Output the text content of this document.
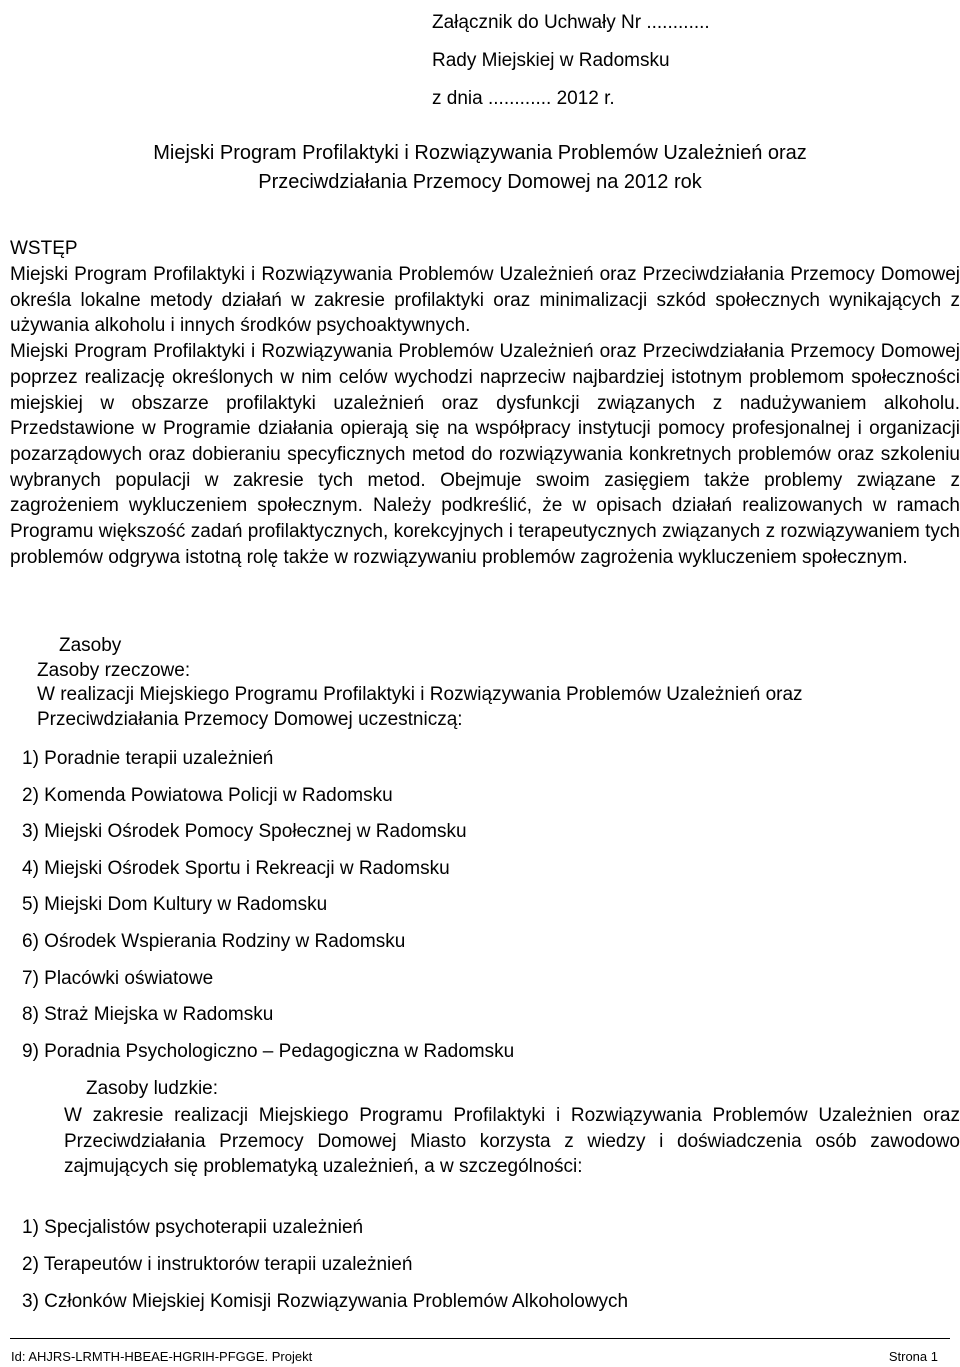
Załącznik do Uchwały Nr ............
Rady Miejskiej w Radomsku
z dnia ............ 2012 r.
Miejski Program Profilaktyki i Rozwiązywania Problemów Uzależnień oraz
Przeciwdziałania Przemocy Domowej na 2012 rok
WSTĘP

Miejski Program Profilaktyki i Rozwiązywania Problemów Uzależnień oraz Przeciwdziałania Przemocy Domowej określa lokalne metody działań w zakresie profilaktyki oraz minimalizacji szkód społecznych wynikających z używania alkoholu i innych środków psychoaktywnych.

Miejski Program Profilaktyki i Rozwiązywania Problemów Uzależnień oraz Przeciwdziałania Przemocy Domowej poprzez realizację określonych w nim celów wychodzi naprzeciw najbardziej istotnym problemom społeczności miejskiej w obszarze profilaktyki uzależnień oraz dysfunkcji związanych z nadużywaniem alkoholu. Przedstawione w Programie działania opierają się na współpracy instytucji pomocy profesjonalnej i organizacji pozarządowych oraz dobieraniu specyficznych metod do rozwiązywania konkretnych problemów oraz szkoleniu wybranych populacji w zakresie tych metod. Obejmuje swoim zasięgiem także problemy związane z zagrożeniem wykluczeniem społecznym. Należy podkreślić, że w opisach działań realizowanych w ramach Programu większość zadań profilaktycznych, korekcyjnych i terapeutycznych związanych z rozwiązywaniem tych problemów odgrywa istotną rolę także w rozwiązywaniu problemów zagrożenia wykluczeniem społecznym.

Zasoby
Zasoby rzeczowe:
W realizacji Miejskiego Programu Profilaktyki i Rozwiązywania Problemów Uzależnień oraz
Przeciwdziałania Przemocy Domowej uczestniczą:
1) Poradnie terapii uzależnień
2) Komenda Powiatowa Policji w Radomsku
3) Miejski Ośrodek Pomocy Społecznej w Radomsku
4) Miejski Ośrodek Sportu i Rekreacji w Radomsku
5) Miejski Dom Kultury w Radomsku
6) Ośrodek Wspierania Rodziny w Radomsku
7) Placówki oświatowe
8) Straż Miejska w Radomsku
9) Poradnia Psychologiczno – Pedagogiczna w Radomsku
Zasoby ludzkie:
W zakresie realizacji Miejskiego Programu Profilaktyki i Rozwiązywania Problemów Uzależnien oraz Przeciwdziałania Przemocy Domowej Miasto korzysta z wiedzy i doświadczenia osób zawodowo zajmujących się problematyką uzależnień, a w szczególności:
1) Specjalistów psychoterapii uzależnień
2) Terapeutów i instruktorów terapii uzależnień
3) Członków Miejskiej Komisji Rozwiązywania Problemów Alkoholowych
Id: AHJRS-LRMTH-HBEAE-HGRIH-PFGGE. Projekt	Strona 1
